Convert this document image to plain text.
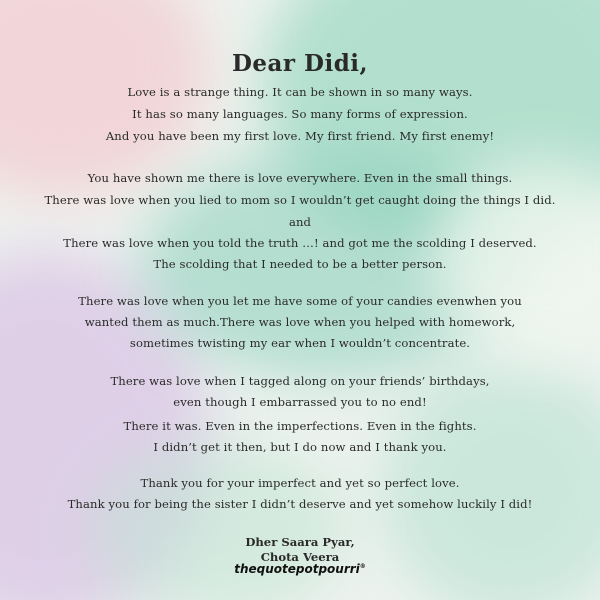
Dear Didi,
Love is a strange thing. It can be shown in so many ways.
It has so many languages. So many forms of expression.
And you have been my first love. My first friend. My first enemy!
You have shown me there is love everywhere. Even in the small things.
There was love when you lied to mom so I wouldn’t get caught doing the things I did.
and
There was love when you told the truth …! and got me the scolding I deserved.
The scolding that I needed to be a better person.
There was love when you let me have some of your candies evenwhen you
wanted them as much.There was love when you helped with homework,
sometimes twisting my ear when I wouldn’t concentrate.
There was love when I tagged along on your friends’ birthdays,
even though I embarrassed you to no end!
There it was. Even in the imperfections. Even in the fights.
I didn’t get it then, but I do now and I thank you.
Thank you for your imperfect and yet so perfect love.
Thank you for being the sister I didn’t deserve and yet somehow luckily I did!
Dher Saara Pyar,
Chota Veera
thequotepotpourri®
